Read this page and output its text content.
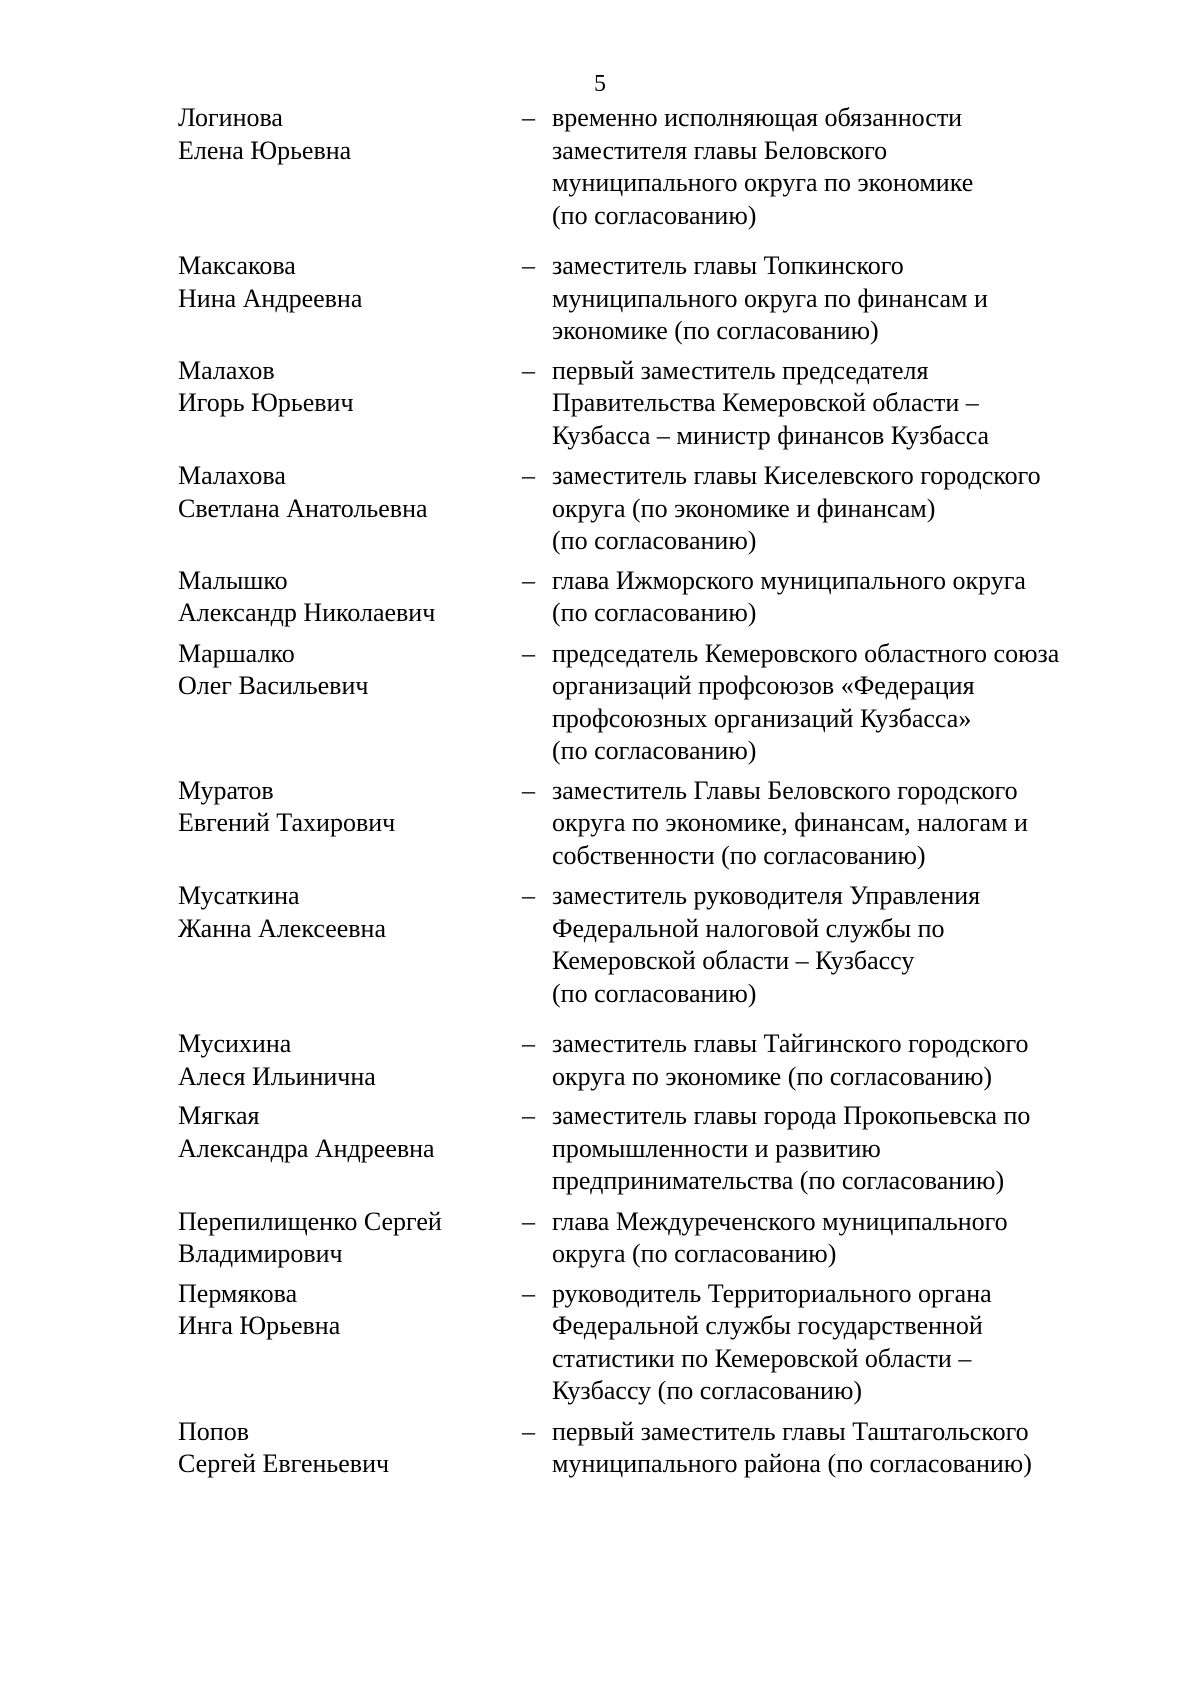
5
Логинова
Елена Юрьевна
– временно исполняющая обязанности
заместителя главы Беловского
муниципального округа по экономике
(по согласованию)
Максакова
Нина Андреевна
– заместитель главы Топкинского
муниципального округа по финансам и
экономике (по согласованию)
Малахов
Игорь Юрьевич
– первый заместитель председателя
Правительства Кемеровской области –
Кузбасса – министр финансов Кузбасса
Малахова
Светлана Анатольевна
– заместитель главы Киселевского городского
округа (по экономике и финансам)
(по согласованию)
Малышко
Александр Николаевич
– глава Ижморского муниципального округа
(по согласованию)
Маршалко
Олег Васильевич
– председатель Кемеровского областного союза
организаций профсоюзов «Федерация
профсоюзных организаций Кузбасса»
(по согласованию)
Муратов
Евгений Тахирович
– заместитель Главы Беловского городского
округа по экономике, финансам, налогам и
собственности (по согласованию)
Мусаткина
Жанна Алексеевна
– заместитель руководителя Управления
Федеральной налоговой службы по
Кемеровской области – Кузбассу
(по согласованию)
Мусихина
Алеся Ильинична
– заместитель главы Тайгинского городского
округа по экономике (по согласованию)
Мягкая
Александра Андреевна
– заместитель главы города Прокопьевска по
промышленности и развитию
предпринимательства (по согласованию)
Перепилищенко Сергей
Владимирович
– глава Междуреченского муниципального
округа (по согласованию)
Пермякова
Инга Юрьевна
– руководитель Территориального органа
Федеральной службы государственной
статистики по Кемеровской области –
Кузбассу (по согласованию)
Попов
Сергей Евгеньевич
– первый заместитель главы Таштагольского
муниципального района (по согласованию)
